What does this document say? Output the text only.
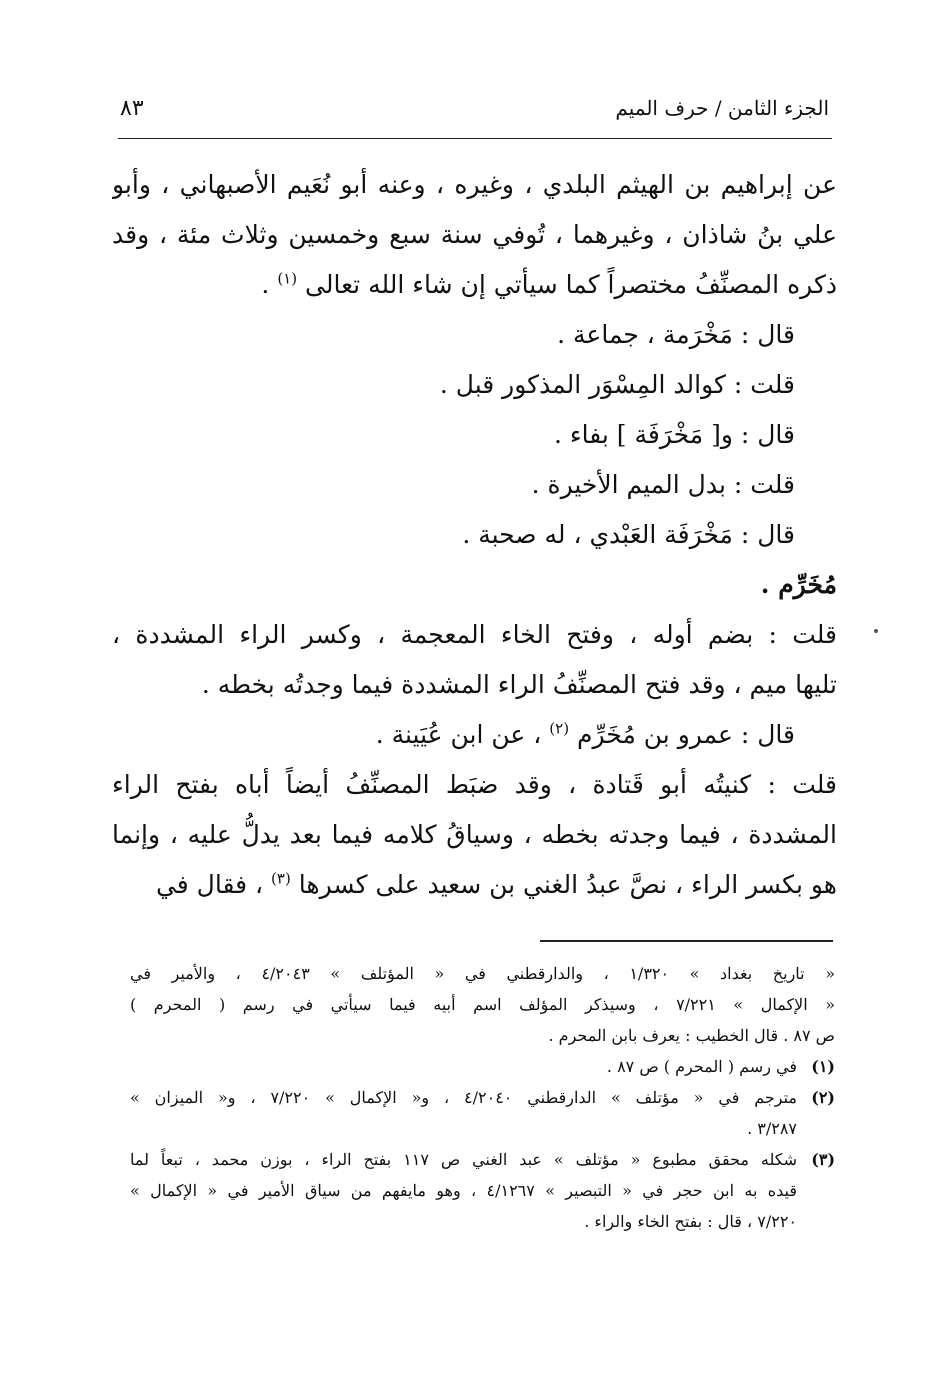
الجزء الثامن / حرف الميم
٨٣
عن إبراهيم بن الهيثم البلدي ، وغيره ، وعنه أبو نُعَيم الأصبهاني ، وأبو
علي بنُ شاذان ، وغيرهما ، تُوفي سنة سبع وخمسين وثلاث مئة ، وقد
ذكره المصنِّفُ مختصراً كما سيأتي إن شاء الله تعالى $^{(١)}$ .
قال : مَخْرَمة ، جماعة .
قلت : كوالد المِسْوَر المذكور قبل .
قال : و[ مَخْرَفَة ] بفاء .
قلت : بدل الميم الأخيرة .
قال : مَخْرَفَة العَبْدي ، له صحبة .
مُخَرِّم .
قلت : بضم أوله ، وفتح الخاء المعجمة ، وكسر الراء المشددة ،
تليها ميم ، وقد فتح المصنِّفُ الراء المشددة فيما وجدتُه بخطه .
قال : عمرو بن مُخَرِّم $^{(٢)}$ ، عن ابن عُيَينة .
قلت : كنيتُه أبو قَتادة ، وقد ضبَط المصنِّفُ أيضاً أباه بفتح الراء
المشددة ، فيما وجدته بخطه ، وسياقُ كلامه فيما بعد يدلُّ عليه ، وإنما
هو بكسر الراء ، نصَّ عبدُ الغني بن سعيد على كسرها $^{(٣)}$ ، فقال في
« تاريخ بغداد » ١/٣٢٠ ، والدارقطني في « المؤتلف » ٤/٢٠٤٣ ، والأمير في
« الإكمال » ٧/٢٢١ ، وسيذكر المؤلف اسم أبيه فيما سيأتي في رسم ( المحرم )
ص ٨٧ . قال الخطيب : يعرف بابن المحرم .
(١)في رسم ( المحرم ) ص ٨٧ .
(٢)مترجم في « مؤتلف » الدارقطني ٤/٢٠٤٠ ، و« الإكمال » ٧/٢٢٠ ، و« الميزان »
٣/٢٨٧ .
(٣)شكله محقق مطبوع « مؤتلف » عبد الغني ص ١١٧ بفتح الراء ، بوزن محمد ، تبعاً لما
قيده به ابن حجر في « التبصير » ٤/١٢٦٧ ، وهو مايفهم من سياق الأمير في « الإكمال »
٧/٢٢٠ ، قال : بفتح الخاء والراء .
